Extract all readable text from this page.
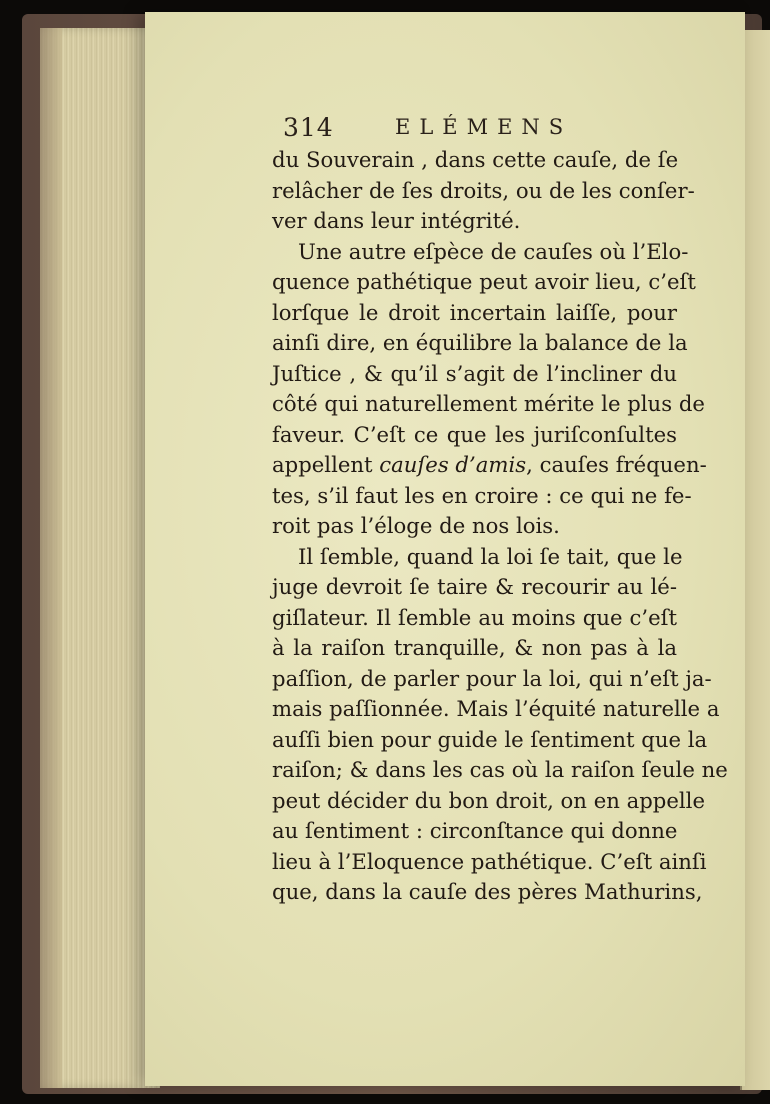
314	ELÉMENS
du Souverain , dans cette cauſe, de ſe
relâcher de ſes droits, ou de les conſer-
ver dans leur intégrité.
Une autre eſpèce de cauſes où l’Elo-
quence pathétique peut avoir lieu, c’eſt
lorſque le droit incertain laiſſe, pour
ainſi dire, en équilibre la balance de la
Juſtice , & qu’il s’agit de l’incliner du
côté qui naturellement mérite le plus de
faveur. C’eſt ce que les juriſconſultes
appellent cauſes d’amis, cauſes fréquen-
tes, s’il faut les en croire : ce qui ne fe-
roit pas l’éloge de nos lois.
Il ſemble, quand la loi ſe tait, que le
juge devroit ſe taire & recourir au lé-
giſlateur. Il ſemble au moins que c’eſt
à la raiſon tranquille, & non pas à la
paſſion, de parler pour la loi, qui n’eſt ja-
mais paſſionnée. Mais l’équité naturelle a
auſſi bien pour guide le ſentiment que la
raiſon; & dans les cas où la raiſon ſeule ne
peut décider du bon droit, on en appelle
au ſentiment : circonſtance qui donne
lieu à l’Eloquence pathétique. C’eſt ainſi
que, dans la cauſe des pères Mathurins,
